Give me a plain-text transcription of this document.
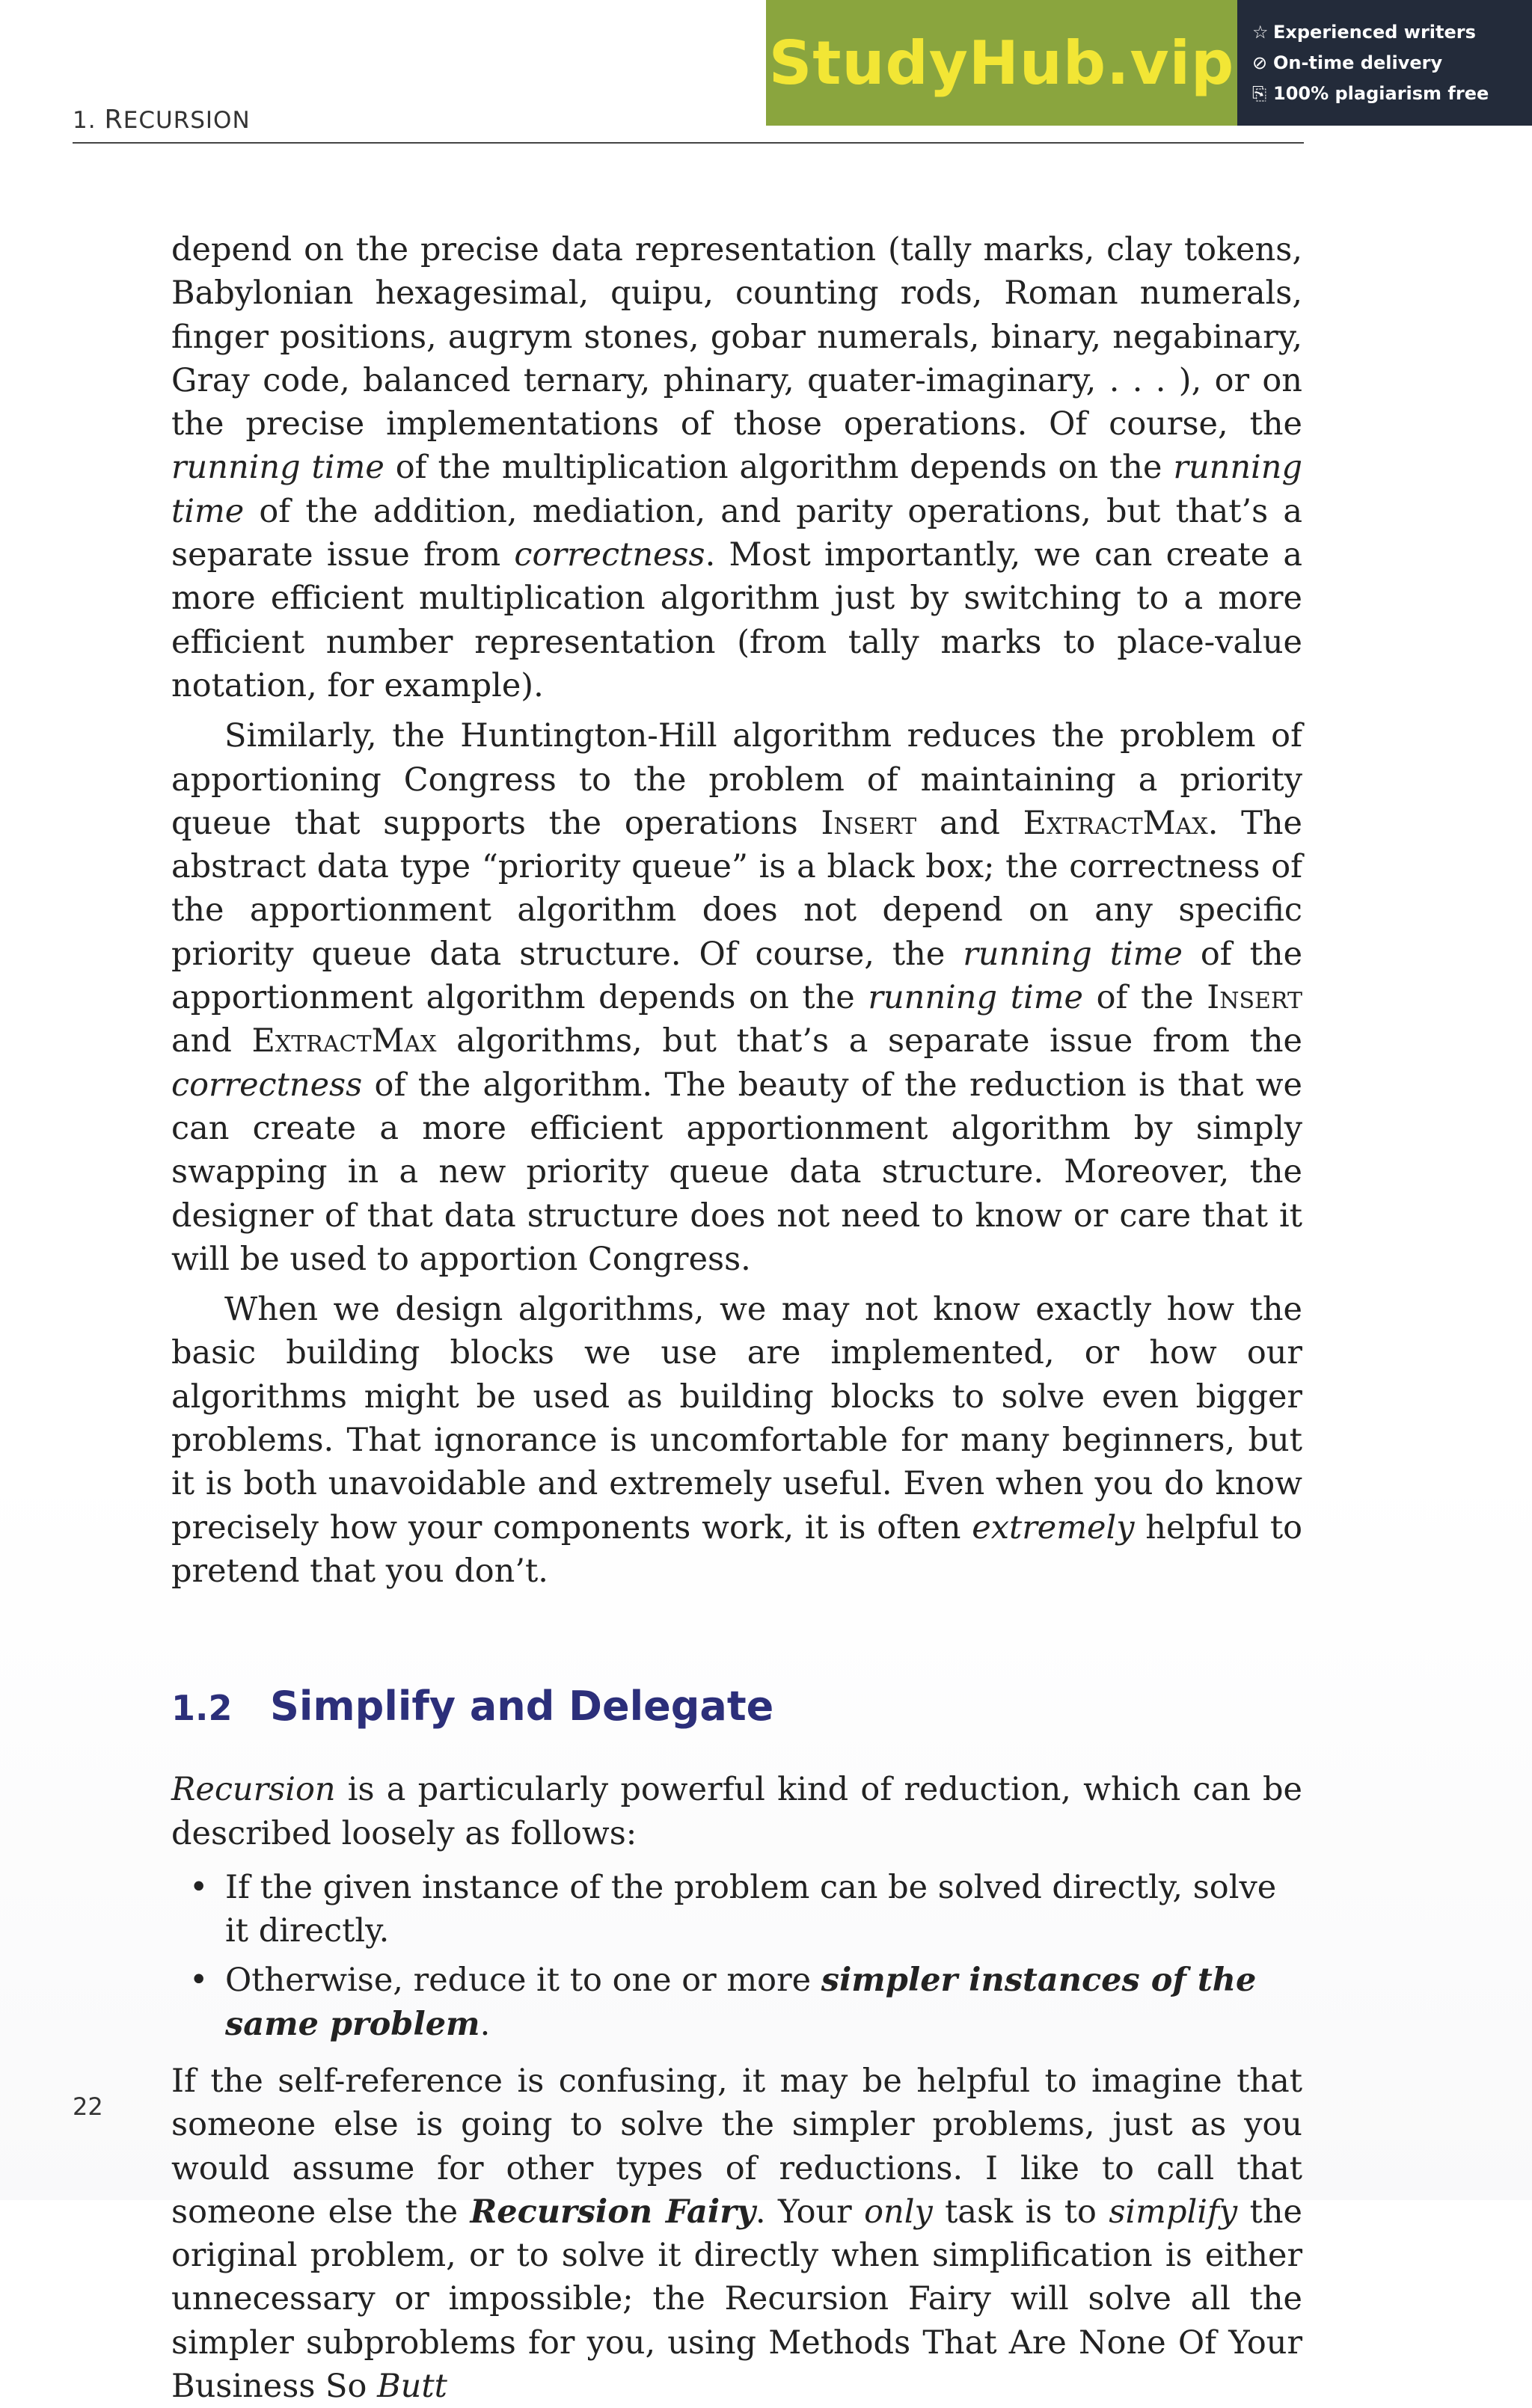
1. RECURSION
StudyHub.vip ☆ Experienced writers
⊘ On-time delivery
⎘ 100% plagiarism free

depend on the precise data representation (tally marks, clay tokens, Babylonian hexagesimal, quipu, counting rods, Roman numerals, finger positions, augrym stones, gobar numerals, binary, negabinary, Gray code, balanced ternary, phinary, quater-imaginary, . . . ), or on the precise implementations of those operations. Of course, the running time of the multiplication algorithm depends on the running time of the addition, mediation, and parity operations, but that’s a separate issue from correctness. Most importantly, we can create a more efficient multiplication algorithm just by switching to a more efficient number representation (from tally marks to place-value notation, for example).

Similarly, the Huntington-Hill algorithm reduces the problem of apportioning Congress to the problem of maintaining a priority queue that supports the operations Insert and ExtractMax. The abstract data type “priority queue” is a black box; the correctness of the apportionment algorithm does not depend on any specific priority queue data structure. Of course, the running time of the apportionment algorithm depends on the running time of the Insert and ExtractMax algorithms, but that’s a separate issue from the correctness of the algorithm. The beauty of the reduction is that we can create a more efficient apportionment algorithm by simply swapping in a new priority queue data structure. Moreover, the designer of that data structure does not need to know or care that it will be used to apportion Congress.

When we design algorithms, we may not know exactly how the basic building blocks we use are implemented, or how our algorithms might be used as building blocks to solve even bigger problems. That ignorance is uncomfortable for many beginners, but it is both unavoidable and extremely useful. Even when you do know precisely how your components work, it is often extremely helpful to pretend that you don’t.

1.2 Simplify and Delegate

Recursion is a particularly powerful kind of reduction, which can be described loosely as follows:

• If the given instance of the problem can be solved directly, solve it directly.
• Otherwise, reduce it to one or more simpler instances of the same problem.

If the self-reference is confusing, it may be helpful to imagine that someone else is going to solve the simpler problems, just as you would assume for other types of reductions. I like to call that someone else the Recursion Fairy. Your only task is to simplify the original problem, or to solve it directly when simplification is either unnecessary or impossible; the Recursion Fairy will solve all the simpler subproblems for you, using Methods That Are None Of Your Business So Butt

22
